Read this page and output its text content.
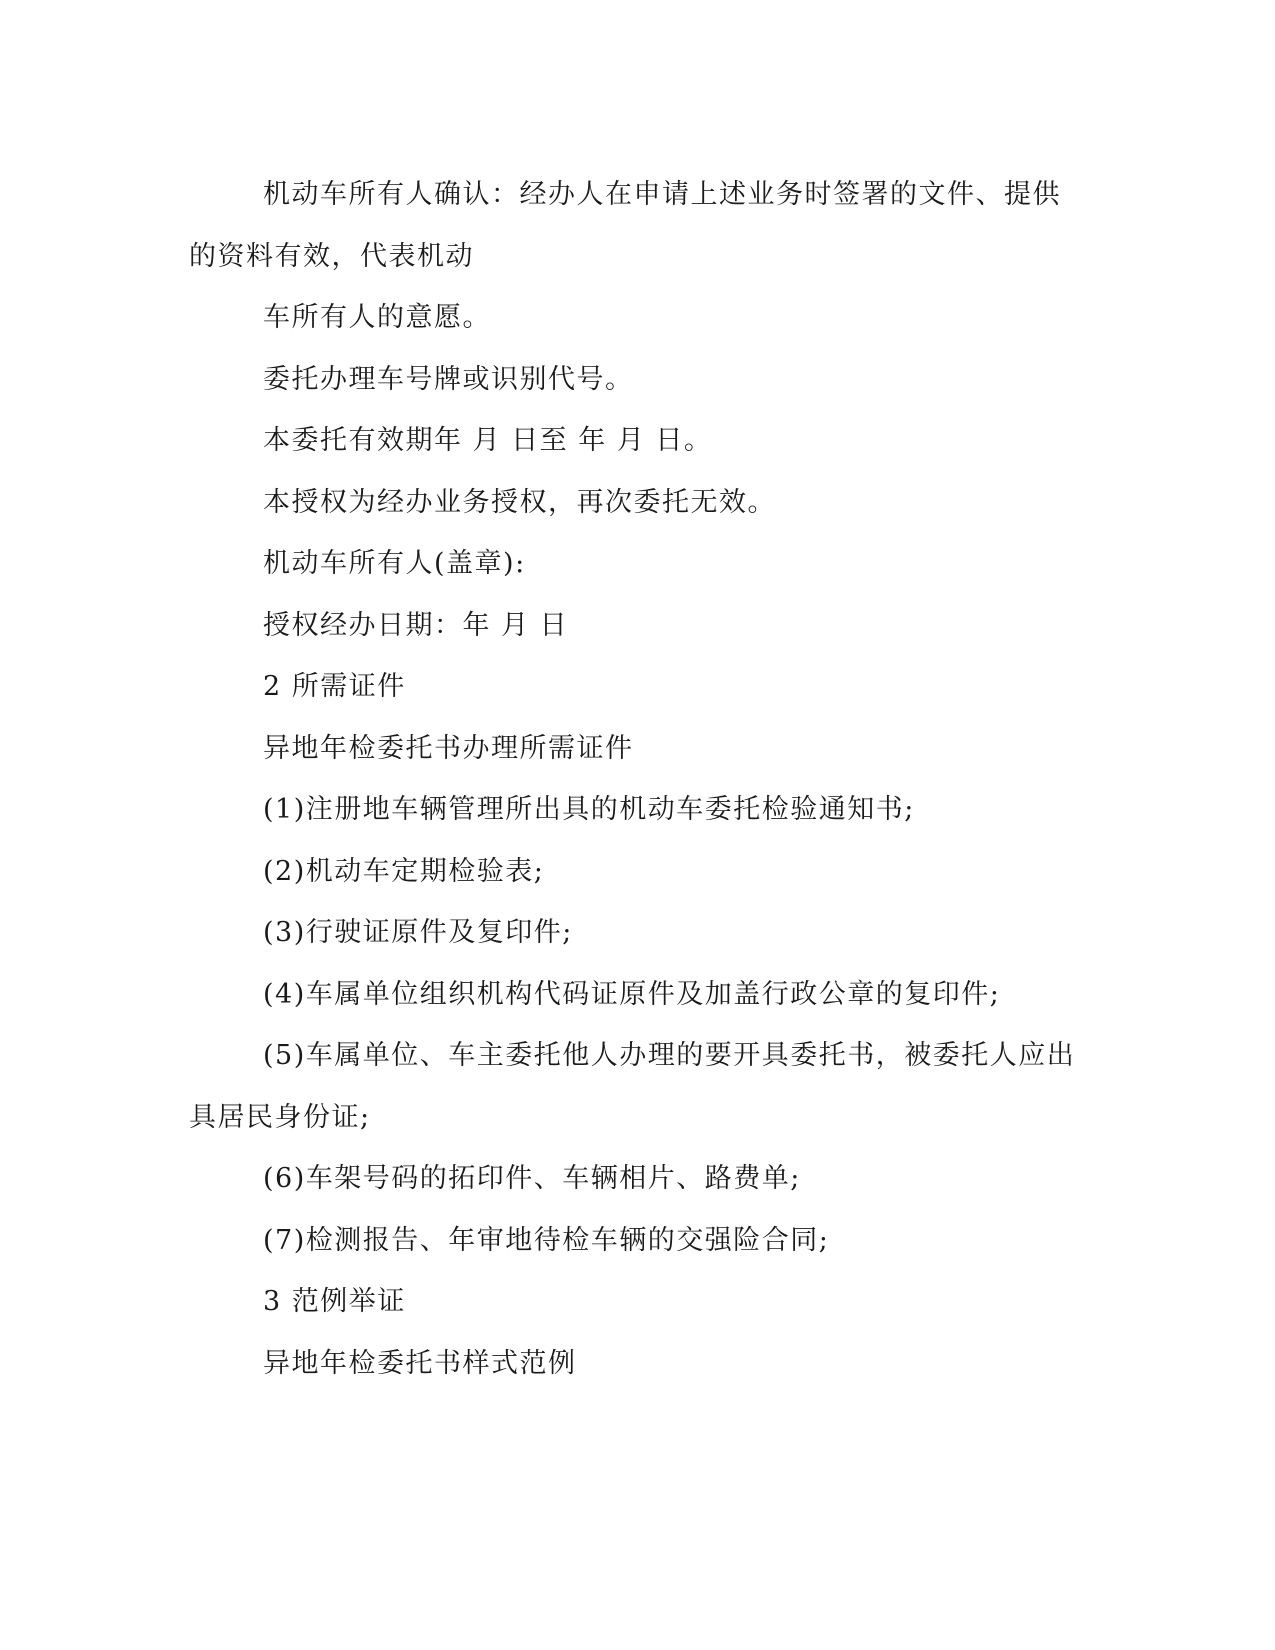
机动车所有人确认：经办人在申请上述业务时签署的文件、提供的资料有效，代表机动

车所有人的意愿。

委托办理车号牌或识别代号。

本委托有效期年 月 日至 年 月 日。

本授权为经办业务授权，再次委托无效。

机动车所有人(盖章):

授权经办日期：年 月 日

2 所需证件

异地年检委托书办理所需证件

(1)注册地车辆管理所出具的机动车委托检验通知书;

(2)机动车定期检验表;

(3)行驶证原件及复印件;

(4)车属单位组织机构代码证原件及加盖行政公章的复印件;

(5)车属单位、车主委托他人办理的要开具委托书，被委托人应出具居民身份证;

(6)车架号码的拓印件、车辆相片、路费单;

(7)检测报告、年审地待检车辆的交强险合同;

3 范例举证

异地年检委托书样式范例
